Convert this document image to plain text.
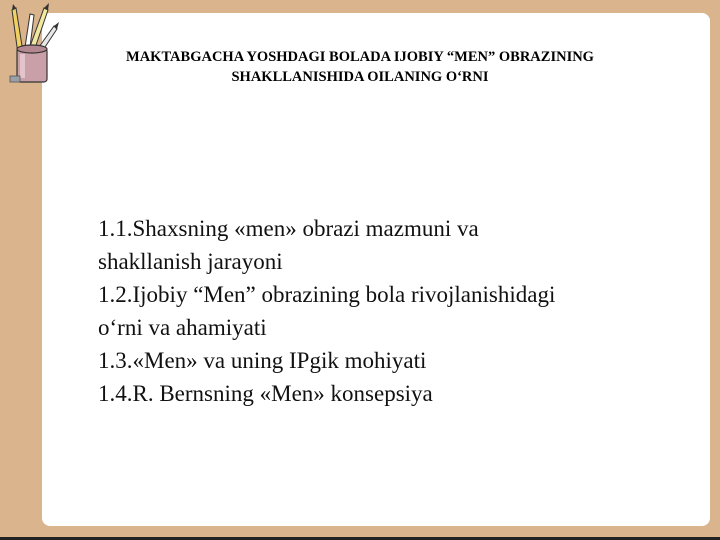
MAKTABGACHA YOSHDAGI BOLADA IJOBIY “MEN” OBRAZINING
SHAKLLANISHIDA OILANING O‘RNI
1.1.Shaxsning «men» obrazi mazmuni va
shakllanish jarayoni
1.2.Ijobiy “Men” obrazining bola rivojlanishidagi
oʻrni va ahamiyati
1.3.«Men» va uning IPgik mohiyati
1.4.R. Bernsning «Men» konsepsiya
